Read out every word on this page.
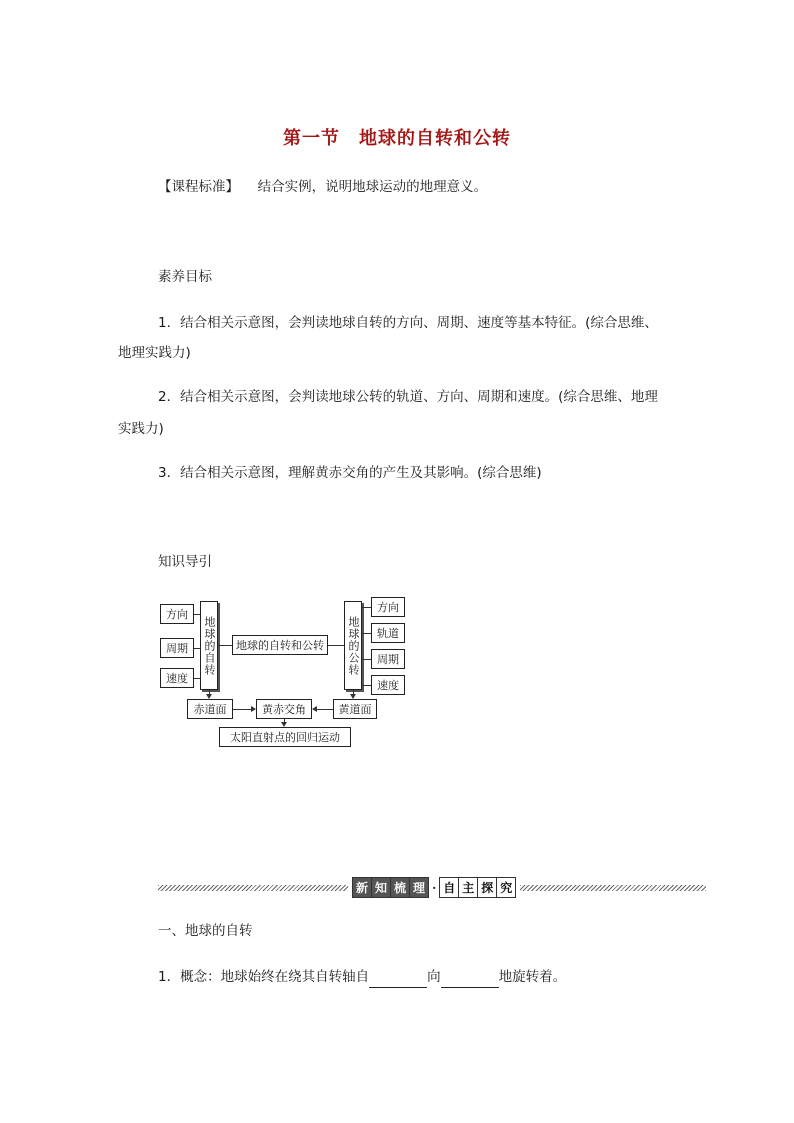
第一节　地球的自转和公转
【课程标准】 结合实例，说明地球运动的地理意义。
素养目标
1．结合相关示意图，会判读地球自转的方向、周期、速度等基本特征。(综合思维、
地理实践力)
2．结合相关示意图，会判读地球公转的轨道、方向、周期和速度。(综合思维、地理
实践力)
3．结合相关示意图，理解黄赤交角的产生及其影响。(综合思维)
知识导引
方向
周期
速度
地球的自转	地球的自转和公转	地球的公转
方向
轨道
周期
速度
赤道面	黄赤交角	黄道面
太阳直射点的回归运动
新 知 梳 理 · 自 主 探 究
一、地球的自转
1．概念：地球始终在绕其自转轴自	向	地旋转着。
